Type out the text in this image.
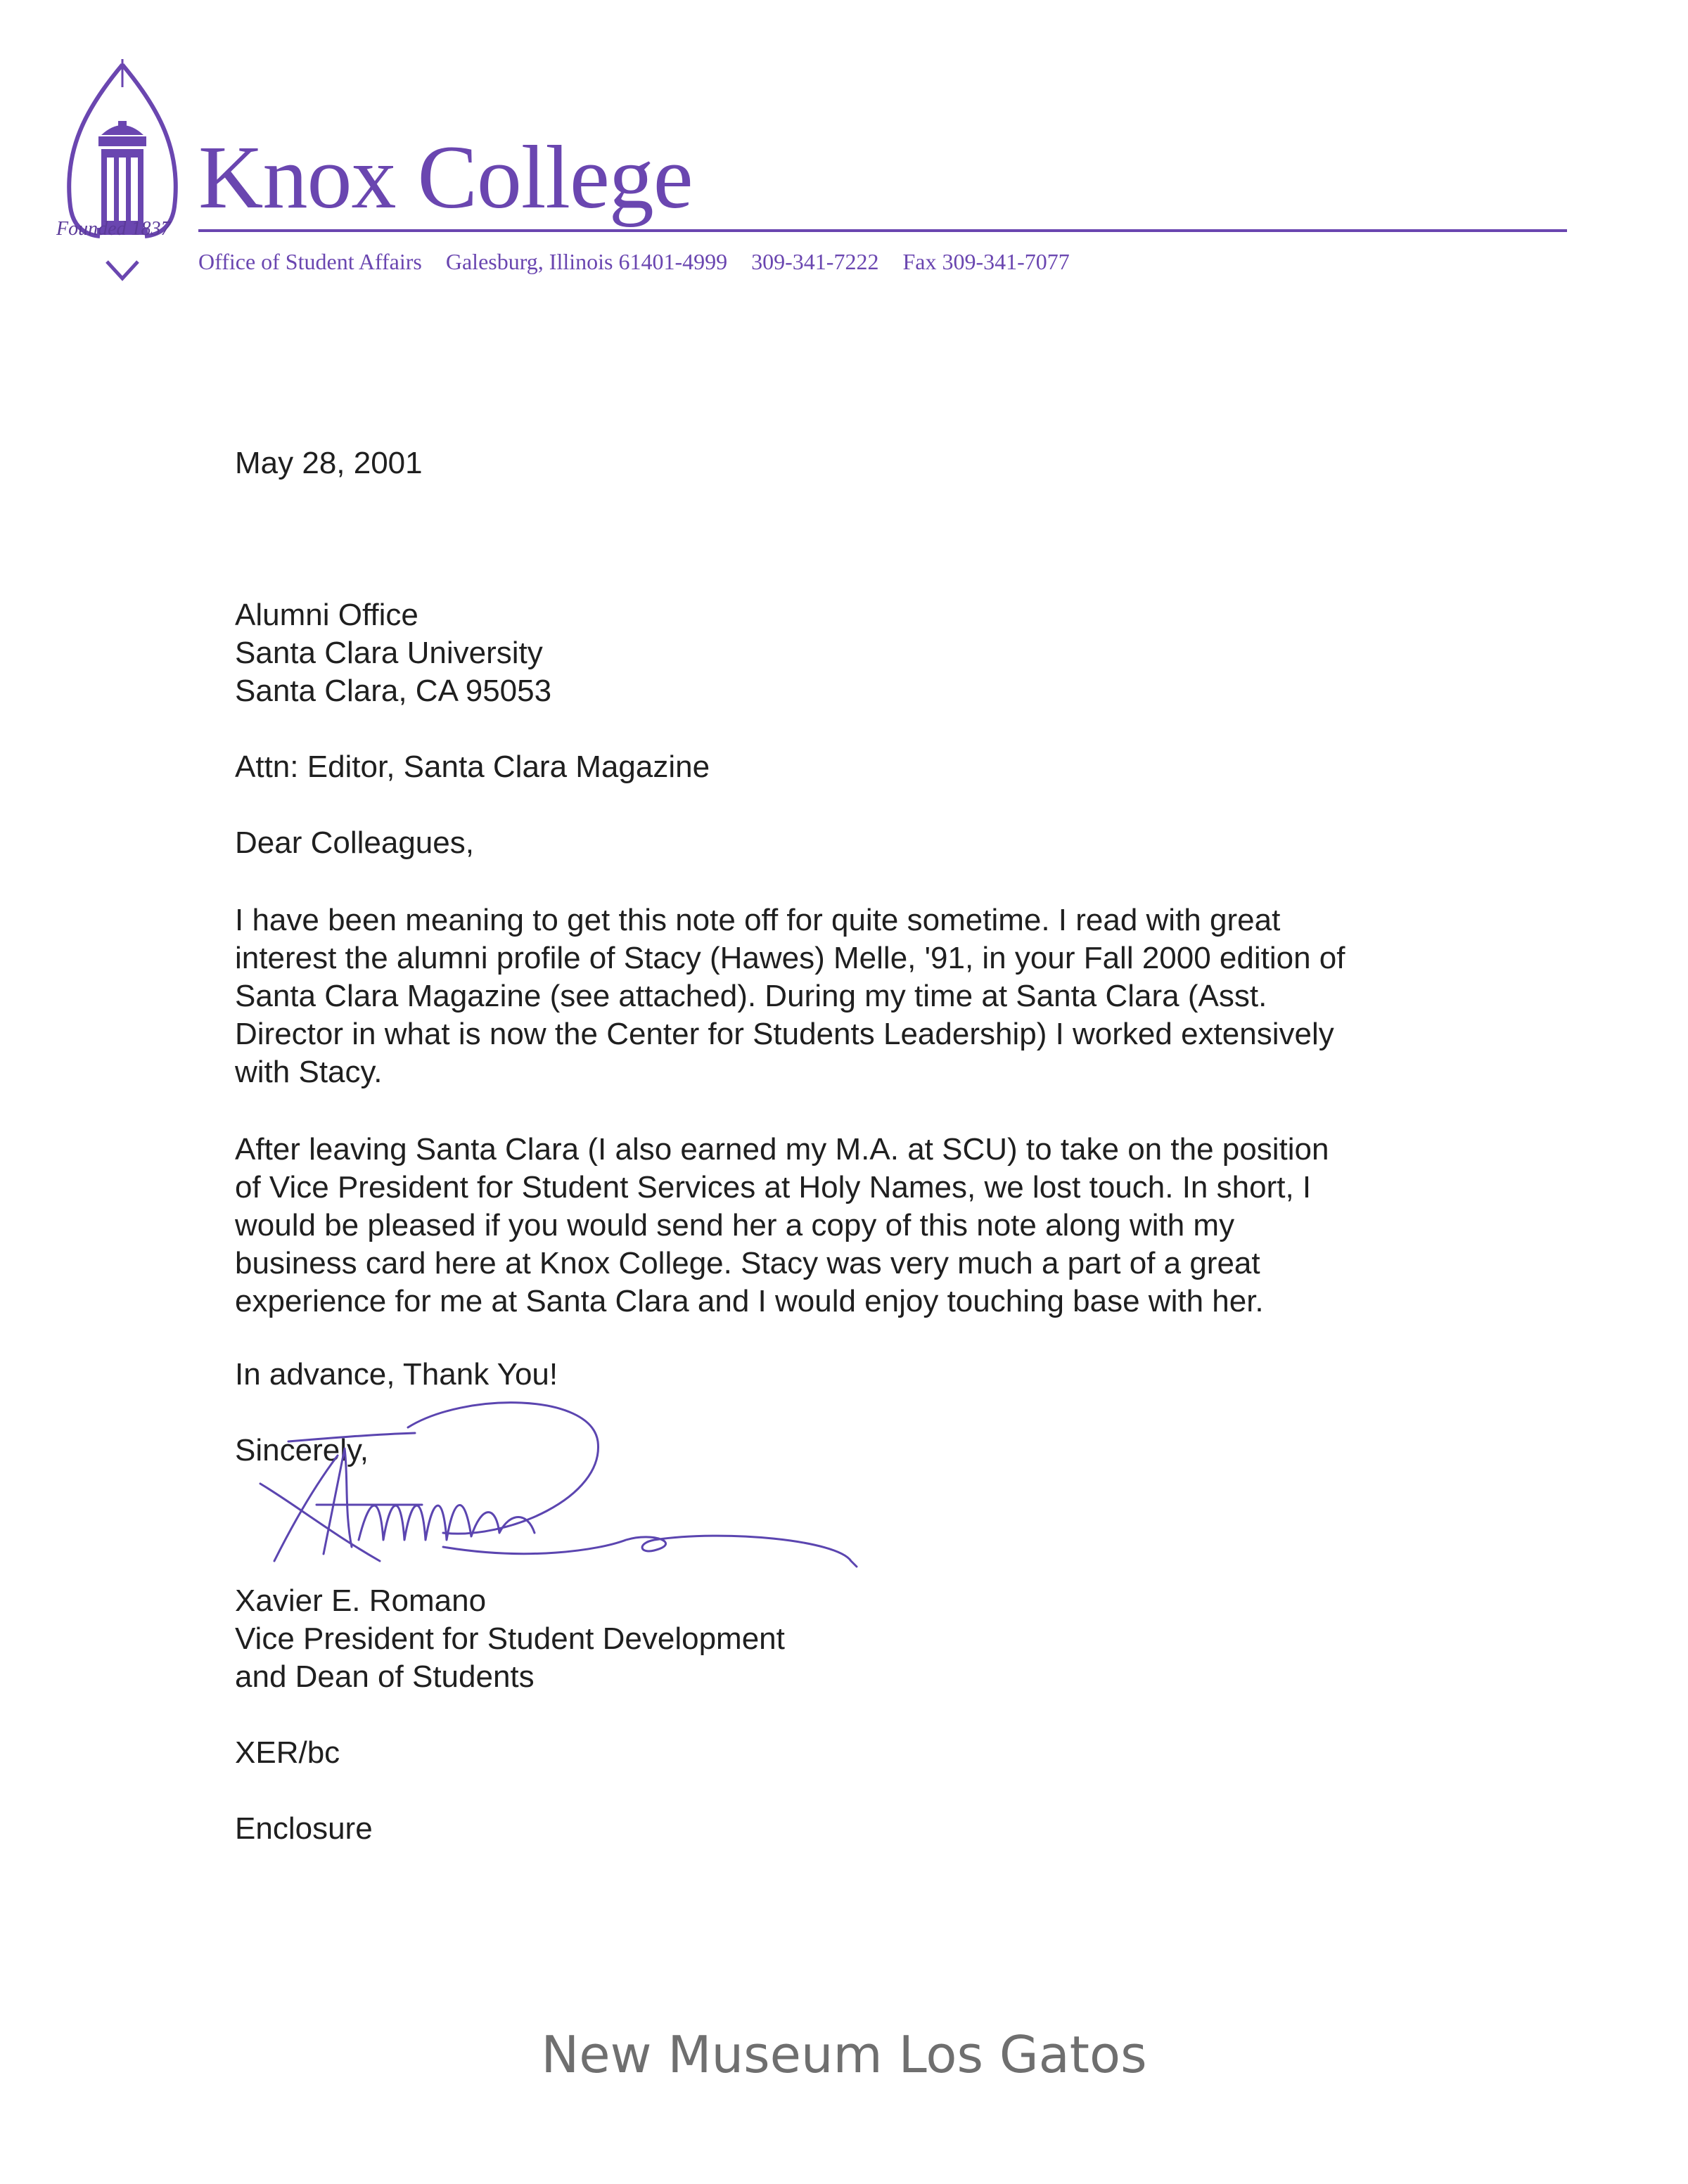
Founded 1837
Knox College
Office of Student Affairs Galesburg, Illinois 61401-4999 309-341-7222 Fax 309-341-7077
May 28, 2001
Alumni Office
Santa Clara University
Santa Clara, CA 95053
Attn: Editor, Santa Clara Magazine
Dear Colleagues,
I have been meaning to get this note off for quite sometime. I read with great
interest the alumni profile of Stacy (Hawes) Melle, '91, in your Fall 2000 edition of
Santa Clara Magazine (see attached). During my time at Santa Clara (Asst.
Director in what is now the Center for Students Leadership) I worked extensively
with Stacy.
After leaving Santa Clara (I also earned my M.A. at SCU) to take on the position
of Vice President for Student Services at Holy Names, we lost touch. In short, I
would be pleased if you would send her a copy of this note along with my
business card here at Knox College. Stacy was very much a part of a great
experience for me at Santa Clara and I would enjoy touching base with her.
In advance, Thank You!
Sincerely,
Xavier E. Romano
Vice President for Student Development
and Dean of Students
XER/bc
Enclosure
New Museum Los Gatos
